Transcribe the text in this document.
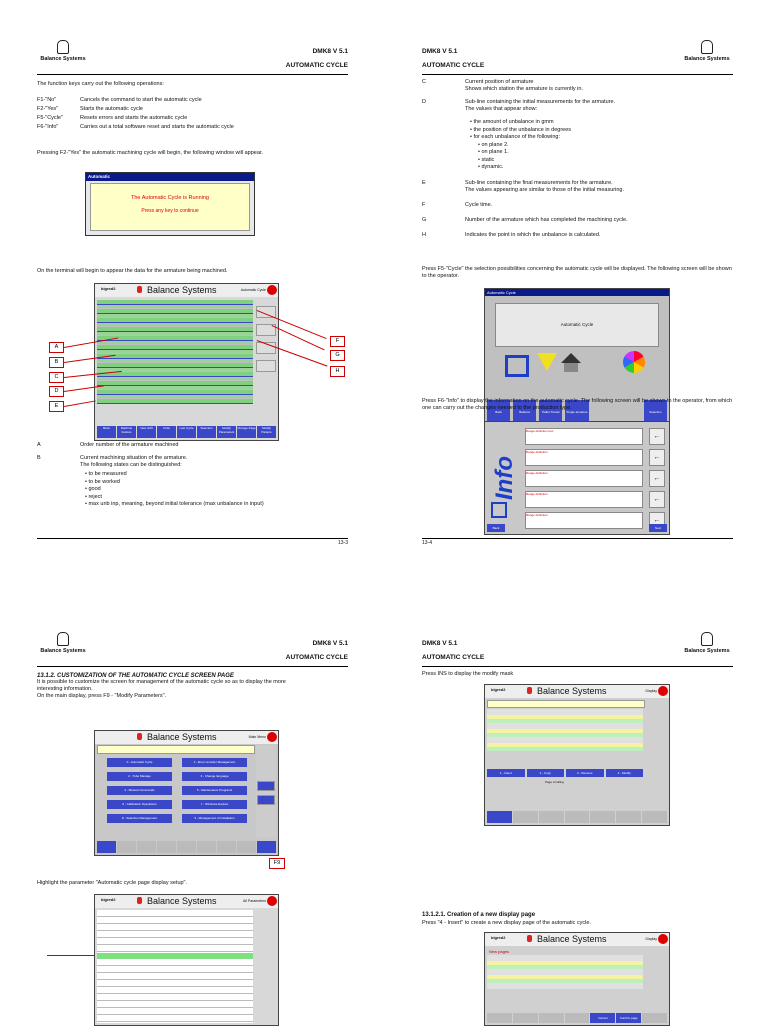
Balance Systems
DMK8 V 5.1
AUTOMATIC CYCLE
The function keys carry out the following operations:
F1-"No"	Cancels the command to start the automatic cycle
F2-"Yes"	Starts the automatic cycle
F5-"Cycle"	Resets errors and starts the automatic cycle
F6-"Info"	Carries out a total software reset and starts the automatic cycle
Pressing F2-"Yes" the automatic machining cycle will begin, the following window will appear.
Automatic
The Automatic Cycle is Running
Press any key to continue
On the terminal will begin to appear the data for the armature being machined.
bigred2	Balance Systems	Automatic Cycle
Back	Machine buttons
New shift	Units	Last Cycle	Selection	Modify Parameters
Change Page	Modify Params
A
B
C
D
E
F
G
H
A	Order number of the armature machined
B	Current machining situation of the armature.
The following states can be distinguished:
• to be measured
• to be worked
• good
• reject
• max unb inp, meaning, beyond initial tolerance (max unbalance in input)
13-3
DMK8 V 5.1
AUTOMATIC CYCLE
Balance Systems
C	Current position of armature
Shows which station the armature is currently in.
D	Sub-line containing the initial measurements for the armature.
The values that appear show:
• the amount of unbalance in gmm
• the position of the unbalance in degrees
• for each unbalance of the following:
• on plane 2.
• on plane 1.
• static
• dynamic.
E	Sub-line containing the final measurements for the armature.
The values appearing are similar to those of the initial measuring.
F	Cycle time.
G	Number of the armature which has completed the machining cycle.
H	Indicates the point in which the unbalance is calculated.
Press F5-"Cycle" the selection possibilities concerning the automatic cycle will be displayed. The following screen will be shown to the operator.
Automatic Cycle
Automatic Cycle
Back	Balance	Pallet Transit	Single armature	Selection
Press F6-"Info" to display the information on the automatic cycle. The following screen will be shown to the operator, from which one can carry out the changes needed to the production type.
Info
Range definition text
Range definition
Range definition
Range definition
Range definition
←
←
←
←
←
Back	Next
13-4
Balance Systems
DMK8 V 5.1
AUTOMATIC CYCLE
13.1.2. CUSTOMIZATION OF THE AUTOMATIC CYCLE SCREEN PAGE
It is possible to customize the screen for management of the automatic cycle so as to display the more
interesting information.
On the main display, press F9 - "Modify Parameters".
Balance Systems	Main Menu
0 - Automatic Cycle	1 - Error recorder Management
2 - Tube Manage	3 - Change language
4 - Manual Commands	5 - Maintenance Programs
6 - Calibration Operations	7 - Windows Explore
8 - Selection Management	9 - Management of Installation
F9
Highlight the parameter "Automatic cycle page display setup".
bigred2	Balance Systems	All Parameters
DMK8 V 5.1
AUTOMATIC CYCLE
Balance Systems
Press INS to display the modify mask
bigred2	Balance Systems	Display
1 - Insert	2 - Copy	3 - Remove	4 - Modify
Page scrolling
13.1.2.1. Creation of a new display page
Press "4 - Insert" to create a new display page of the automatic cycle.
bigred2	Balance Systems	Display
New pages
Cancel	Confirm page
